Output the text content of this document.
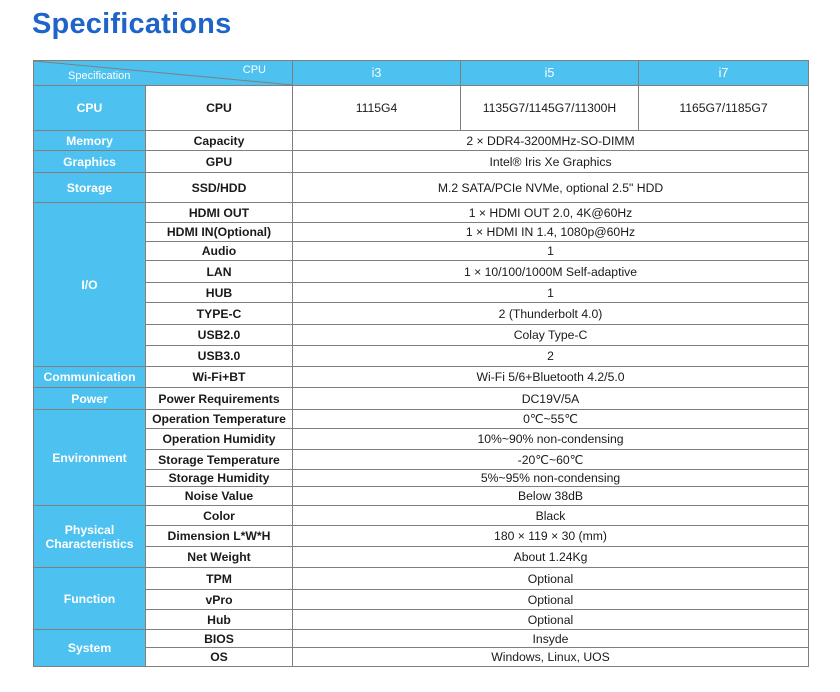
Specifications
CPU
Specification		i3	i5	i7
CPU	CPU	1115G4	1135G7/1145G7/11300H	1165G7/1185G7
Memory	Capacity	2 × DDR4-3200MHz-SO-DIMM		
Graphics	GPU	Intel® Iris Xe Graphics		
Storage	SSD/HDD	M.2 SATA/PCIe NVMe, optional 2.5" HDD		
I/O	HDMI OUT	1 × HDMI OUT 2.0, 4K@60Hz		
	HDMI IN(Optional)	1 × HDMI IN 1.4, 1080p@60Hz		
	Audio	1		
	LAN	1 × 10/100/1000M Self-adaptive		
	HUB	1		
	TYPE-C	2 (Thunderbolt 4.0)		
	USB2.0	Colay Type-C		
	USB3.0	2		
Communication	Wi-Fi+BT	Wi-Fi 5/6+Bluetooth 4.2/5.0		
Power	Power Requirements	DC19V/5A		
Environment	Operation Temperature	0℃~55℃		
	Operation Humidity	10%~90% non-condensing		
	Storage Temperature	-20℃~60℃		
	Storage Humidity	5%~95% non-condensing		
	Noise Value	Below 38dB		
Physical Characteristics	Color	Black		
	Dimension L*W*H	180 × 119 × 30 (mm)		
	Net Weight	About 1.24Kg		
Function	TPM	Optional		
	vPro	Optional		
	Hub	Optional		
System	BIOS	Insyde		
	OS	Windows, Linux, UOS		
